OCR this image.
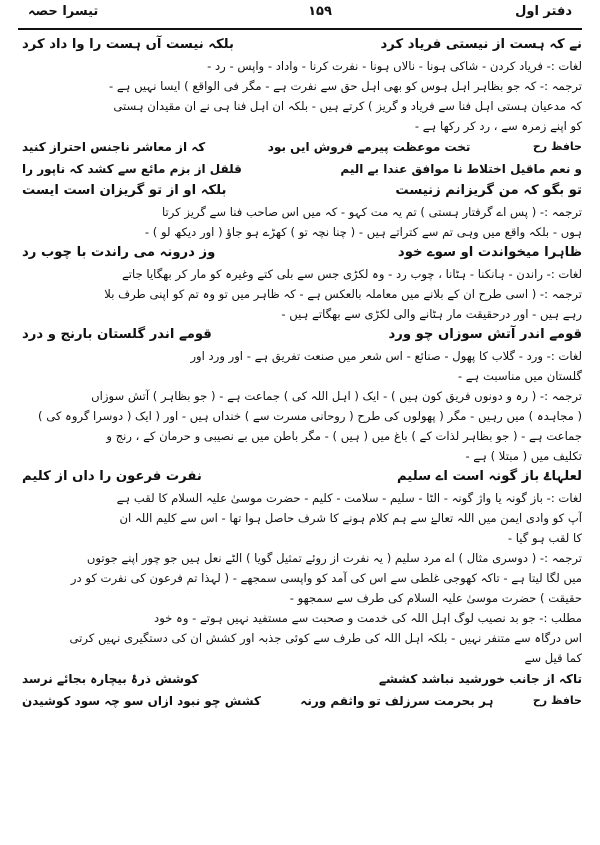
تیسرا حصہ	۱۵۹	دفتر اول
نے کہ ہست از نیستی فریاد کرد
بلکہ نیست آں ہست را وا داد کرد
لغات :- فریاد کردن - شاکی ہونا - نالاں ہونا - نفرت کرنا - واداد - واپس - رد -
ترجمہ :- کہ جو بظاہر اہل ہوس کو بھی اہل حق سے نفرت ہے - مگر فی الواقع ) ایسا نہیں ہے -
کہ مدعیان ہستی اہل فنا سے فریاد و گریز ) کرتے ہیں - بلکہ ان اہل فنا ہی نے ان مقیدان ہستی
کو اپنے زمرہ سے ، رد کر رکھا ہے -
حافظ رح
تخت موعظت پیرمے فروش ایں بود
کہ از معاشر ناجنس احتراز کنید
و نعم ماقیل اختلاط نا موافق عندا بے الیم
قلقل از بزم مائع سے کشد کہ ناپور را
تو بگو کہ من گریزانم زنیست
بلکہ او از تو گریزان است ایست
ترجمہ :- ( پس اے گرفتار ہستی ) تم یہ مت کہو - کہ میں اس صاحب فنا سے گریز کرتا
ہوں - بلکہ واقع میں وہی تم سے کتراتے ہیں - ( چنا نچہ تو ) کھڑے ہو جاؤ ( اور دیکھ لو ) -
ظاہرا میخواندت او سوے خود
وز درونہ می راندت با چوب رد
لغات :- راندن - ہانکنا - ہٹانا ، چوب رد - وہ لکڑی جس سے بلی کتے وغیرہ کو مار کر بھگایا جاتے
ترجمہ :- ( اسی طرح ان کے بلانے میں معاملہ بالعکس ہے - کہ ظاہر میں تو وہ تم کو اپنی طرف بلا
رہے ہیں - اور درحقیقت مار ہٹانے والی لکڑی سے بھگاتے ہیں -
قومے اندر آتش سوزاں چو ورد
قومے اندر گلستان بارنج و درد
لغات :- ورد - گلاب کا پھول - صنائع - اس شعر میں صنعت تفریق ہے - اور ورد اور
گلستان میں مناسبت ہے -
ترجمہ :- ( رہ و دونوں فریق کون ہیں ) - ایک ( اہل اللہ کی ) جماعت ہے - ( جو بظاہر ) آتش سوزاں
( مجاہدہ ) میں رہیں - مگر ( پھولوں کی طرح ( روحانی مسرت سے ) خنداں ہیں - اور ( ایک ( دوسرا گروہ کی )
جماعت ہے - ( جو بظاہر لذات کے ) باغ میں ( ہیں ) - مگر باطن میں بے نصیبی و حرمان کے ، رنج و
تکلیف میں ( مبتلا ) ہے -
لعلہاۓ باز گونہ است اے سلیم
نفرت فرعون را داں از کلیم
لغات :- باز گونہ یا واژ گونہ - الٹا - سلیم - سلامت - کلیم - حضرت موسیٰ علیہ السلام کا لقب ہے
آپ کو وادی ایمن میں اللہ تعالےٰ سے ہم کلام ہونے کا شرف حاصل ہوا تھا - اس سے کلیم اللہ ان
کا لقب ہو گیا -
ترجمہ :- ( دوسری مثال ) اے مرد سلیم ( یہ نفرت از روئے تمثیل گویا ) الٹے نعل ہیں جو چور اپنے جوتوں
میں لگا لیتا ہے - تاکہ کھوجی غلطی سے اس کی آمد کو واپسی سمجھے - ( لہذا تم فرعون کی نفرت کو در
حقیقت ) حضرت موسیٰ علیہ السلام کی طرف سے سمجھو -
مطلب :- جو بد نصیب لوگ اہل اللہ کی خدمت و صحبت سے مستفید نہیں ہوتے - وہ خود
اس درگاہ سے متنفر نہیں - بلکہ اہل اللہ کی طرف سے کوئی جذبہ اور کشش ان کی دستگیری نہیں کرتی
کما قیل سے
تاکہ از جانب خورشید نباشد کششے
کوشش ذرۂ بیچارہ بجائے نرسد
حافظ رح
ہر بحرمت سرزلف تو واثقم ورنہ
کشش چو نبود ازاں سو چہ سود کوشیدن
